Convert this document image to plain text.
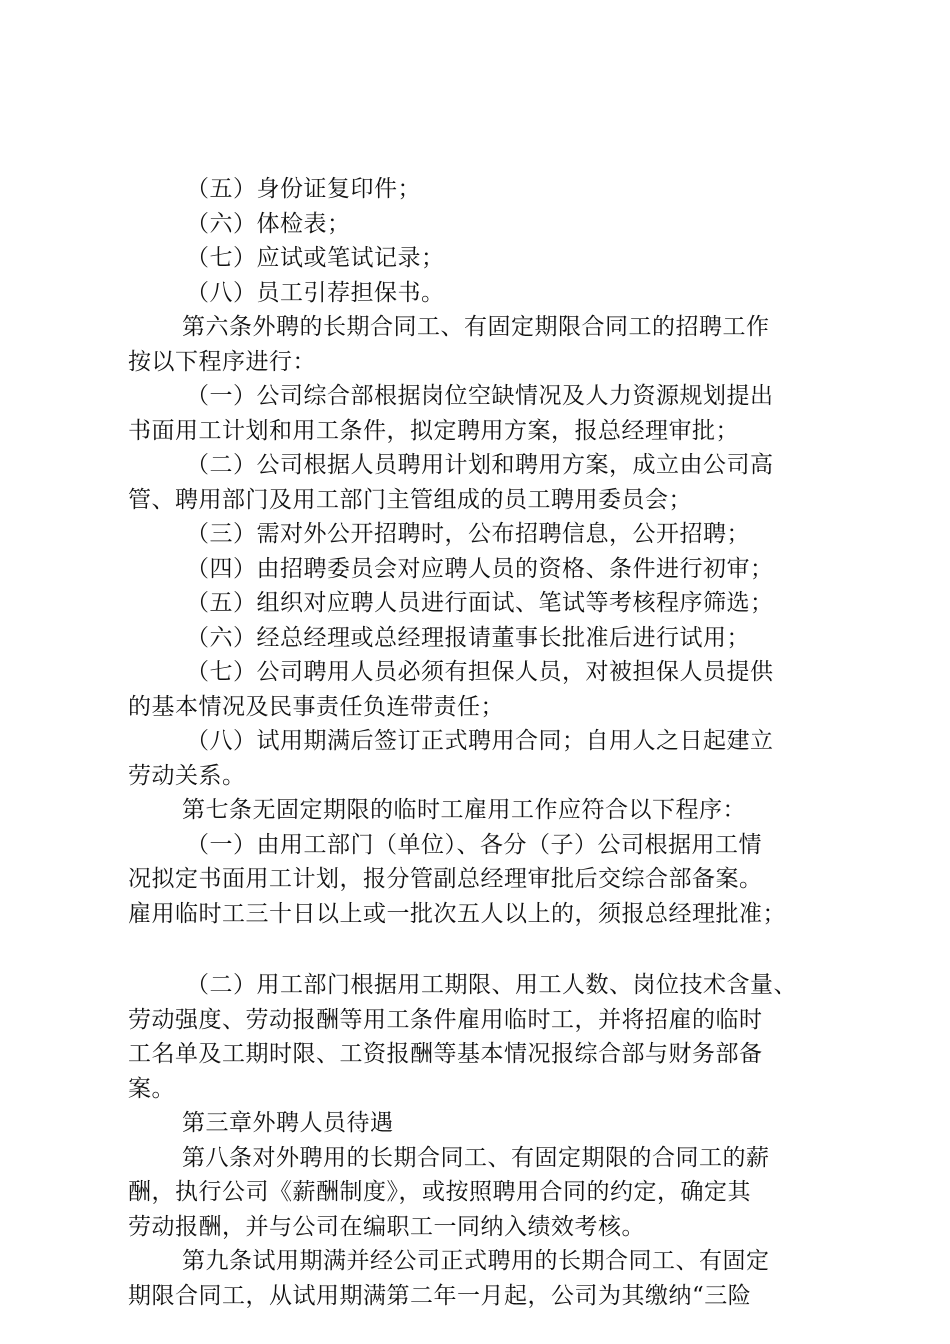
（五）身份证复印件；
（六）体检表；
（七）应试或笔试记录；
（八）员工引荐担保书。
第六条外聘的长期合同工、有固定期限合同工的招聘工作
按以下程序进行：
（一）公司综合部根据岗位空缺情况及人力资源规划提出
书面用工计划和用工条件，拟定聘用方案，报总经理审批；
（二）公司根据人员聘用计划和聘用方案，成立由公司高
管、聘用部门及用工部门主管组成的员工聘用委员会；
（三）需对外公开招聘时，公布招聘信息，公开招聘；
（四）由招聘委员会对应聘人员的资格、条件进行初审；
（五）组织对应聘人员进行面试、笔试等考核程序筛选；
（六）经总经理或总经理报请董事长批准后进行试用；
（七）公司聘用人员必须有担保人员，对被担保人员提供
的基本情况及民事责任负连带责任；
（八）试用期满后签订正式聘用合同；自用人之日起建立
劳动关系。
第七条无固定期限的临时工雇用工作应符合以下程序：
（一）由用工部门（单位）、各分（子）公司根据用工情
况拟定书面用工计划，报分管副总经理审批后交综合部备案。
雇用临时工三十日以上或一批次五人以上的，须报总经理批准；
（二）用工部门根据用工期限、用工人数、岗位技术含量、
劳动强度、劳动报酬等用工条件雇用临时工，并将招雇的临时
工名单及工期时限、工资报酬等基本情况报综合部与财务部备
案。
第三章外聘人员待遇
第八条对外聘用的长期合同工、有固定期限的合同工的薪
酬，执行公司《薪酬制度》，或按照聘用合同的约定，确定其
劳动报酬，并与公司在编职工一同纳入绩效考核。
第九条试用期满并经公司正式聘用的长期合同工、有固定
期限合同工，从试用期满第二年一月起，公司为其缴纳“三险
